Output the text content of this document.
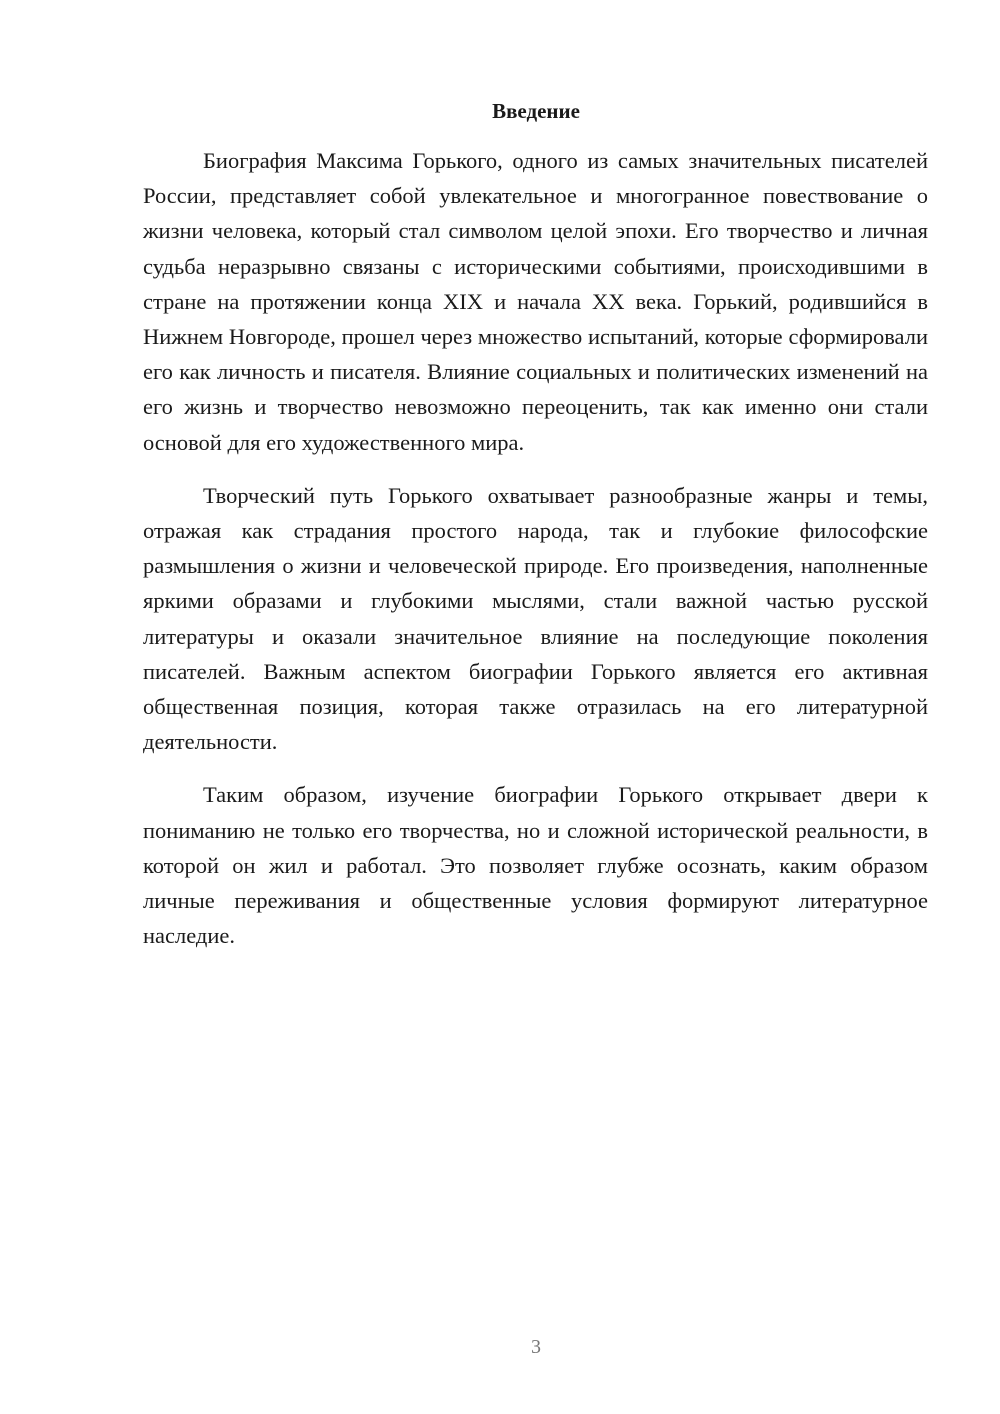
Введение

Биография Максима Горького, одного из самых значительных писателей России, представляет собой увлекательное и многогранное повествование о жизни человека, который стал символом целой эпохи. Его творчество и личная судьба неразрывно связаны с историческими событиями, происходившими в стране на протяжении конца XIX и начала XX века. Горький, родившийся в Нижнем Новгороде, прошел через множество испытаний, которые сформировали его как личность и писателя. Влияние социальных и политических изменений на его жизнь и творчество невозможно переоценить, так как именно они стали основой для его художественного мира.

Творческий путь Горького охватывает разнообразные жанры и темы, отражая как страдания простого народа, так и глубокие философские размышления о жизни и человеческой природе. Его произведения, наполненные яркими образами и глубокими мыслями, стали важной частью русской литературы и оказали значительное влияние на последующие поколения писателей. Важным аспектом биографии Горького является его активная общественная позиция, которая также отразилась на его литературной деятельности.

Таким образом, изучение биографии Горького открывает двери к пониманию не только его творчества, но и сложной исторической реальности, в которой он жил и работал. Это позволяет глубже осознать, каким образом личные переживания и общественные условия формируют литературное наследие.

3
